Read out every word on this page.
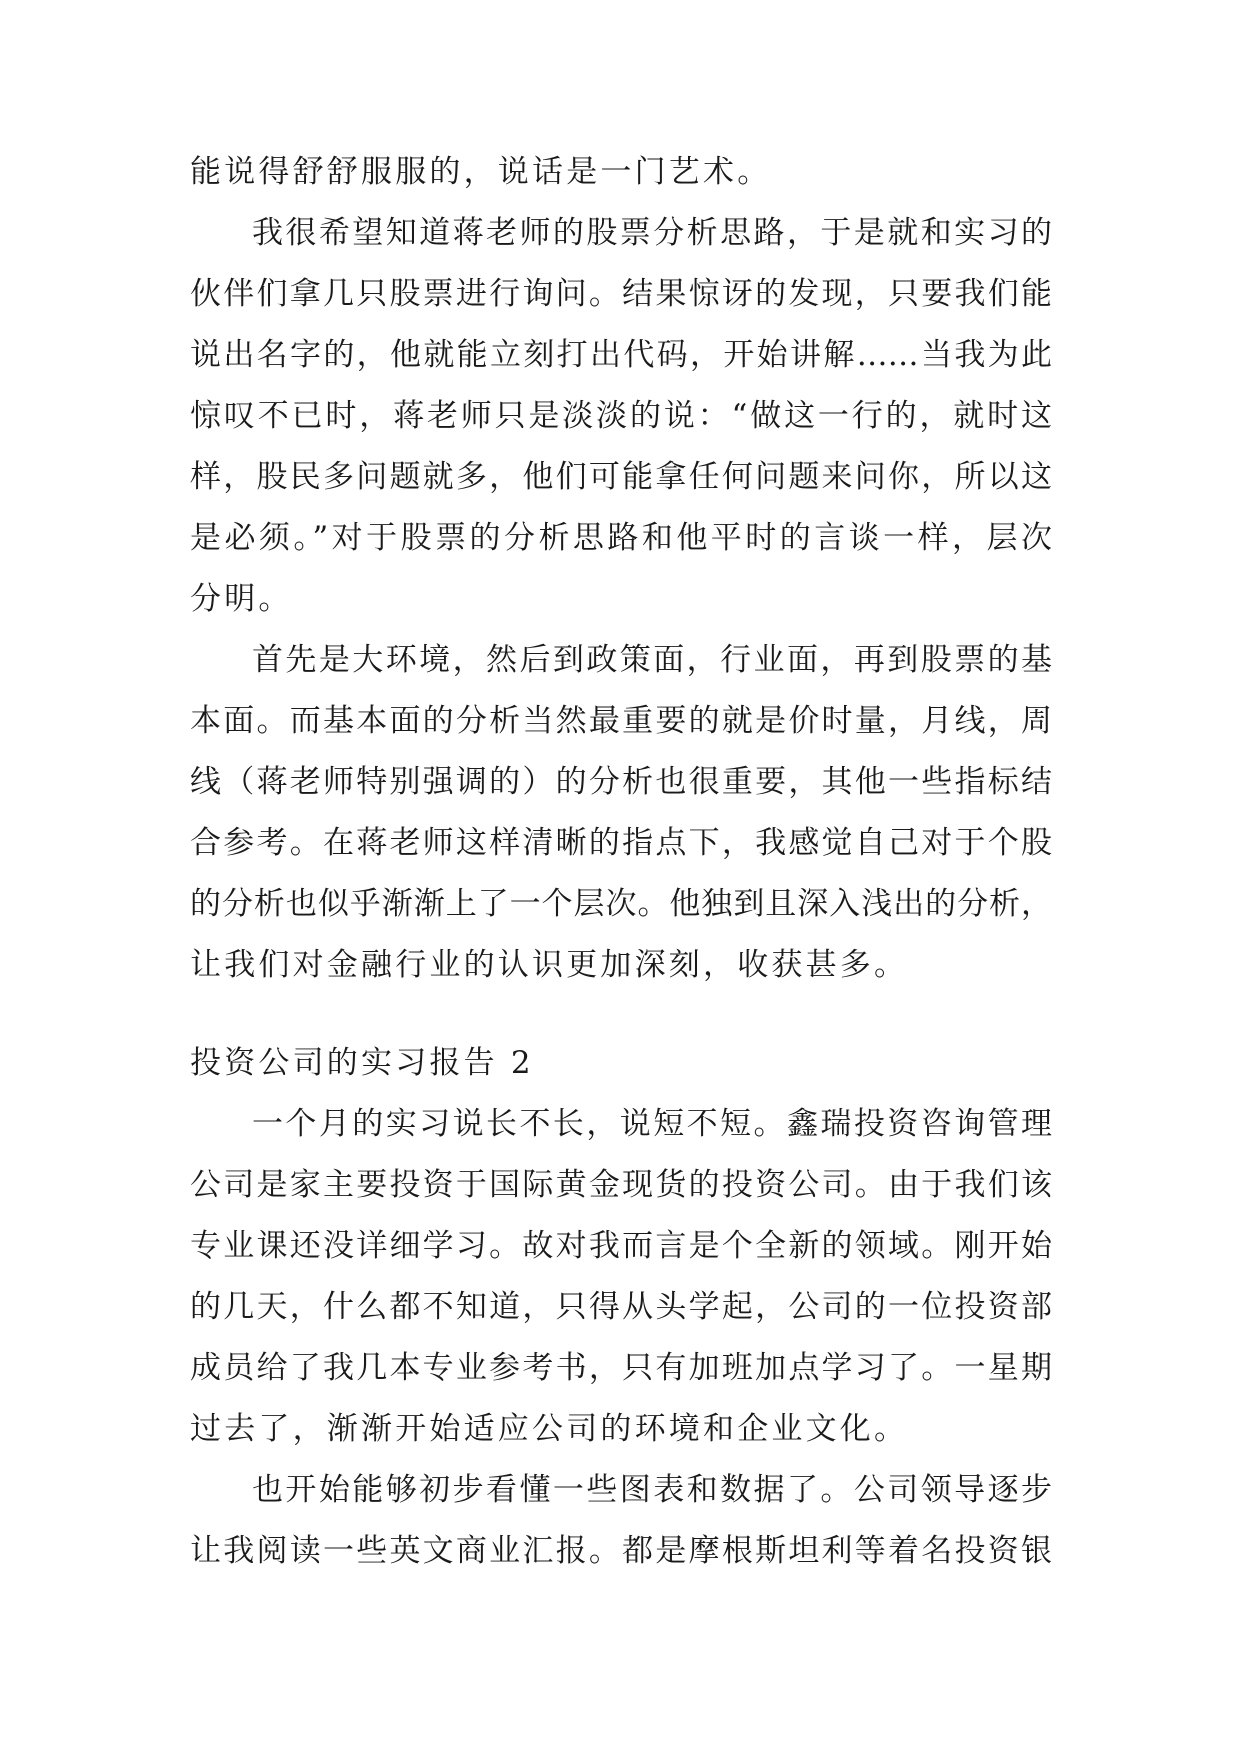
能说得舒舒服服的，说话是一门艺术。
我很希望知道蒋老师的股票分析思路，于是就和实习的
伙伴们拿几只股票进行询问。结果惊讶的发现，只要我们能
说出名字的，他就能立刻打出代码，开始讲解……当我为此
惊叹不已时，蒋老师只是淡淡的说：“做这一行的，就时这
样，股民多问题就多，他们可能拿任何问题来问你，所以这
是必须。”对于股票的分析思路和他平时的言谈一样，层次
分明。
首先是大环境，然后到政策面，行业面，再到股票的基
本面。而基本面的分析当然最重要的就是价时量，月线，周
线（蒋老师特别强调的）的分析也很重要，其他一些指标结
合参考。在蒋老师这样清晰的指点下，我感觉自己对于个股
的分析也似乎渐渐上了一个层次。他独到且深入浅出的分析，
让我们对金融行业的认识更加深刻，收获甚多。
投资公司的实习报告 2
一个月的实习说长不长，说短不短。鑫瑞投资咨询管理
公司是家主要投资于国际黄金现货的投资公司。由于我们该
专业课还没详细学习。故对我而言是个全新的领域。刚开始
的几天，什么都不知道，只得从头学起，公司的一位投资部
成员给了我几本专业参考书，只有加班加点学习了。一星期
过去了，渐渐开始适应公司的环境和企业文化。
也开始能够初步看懂一些图表和数据了。公司领导逐步
让我阅读一些英文商业汇报。都是摩根斯坦利等着名投资银
